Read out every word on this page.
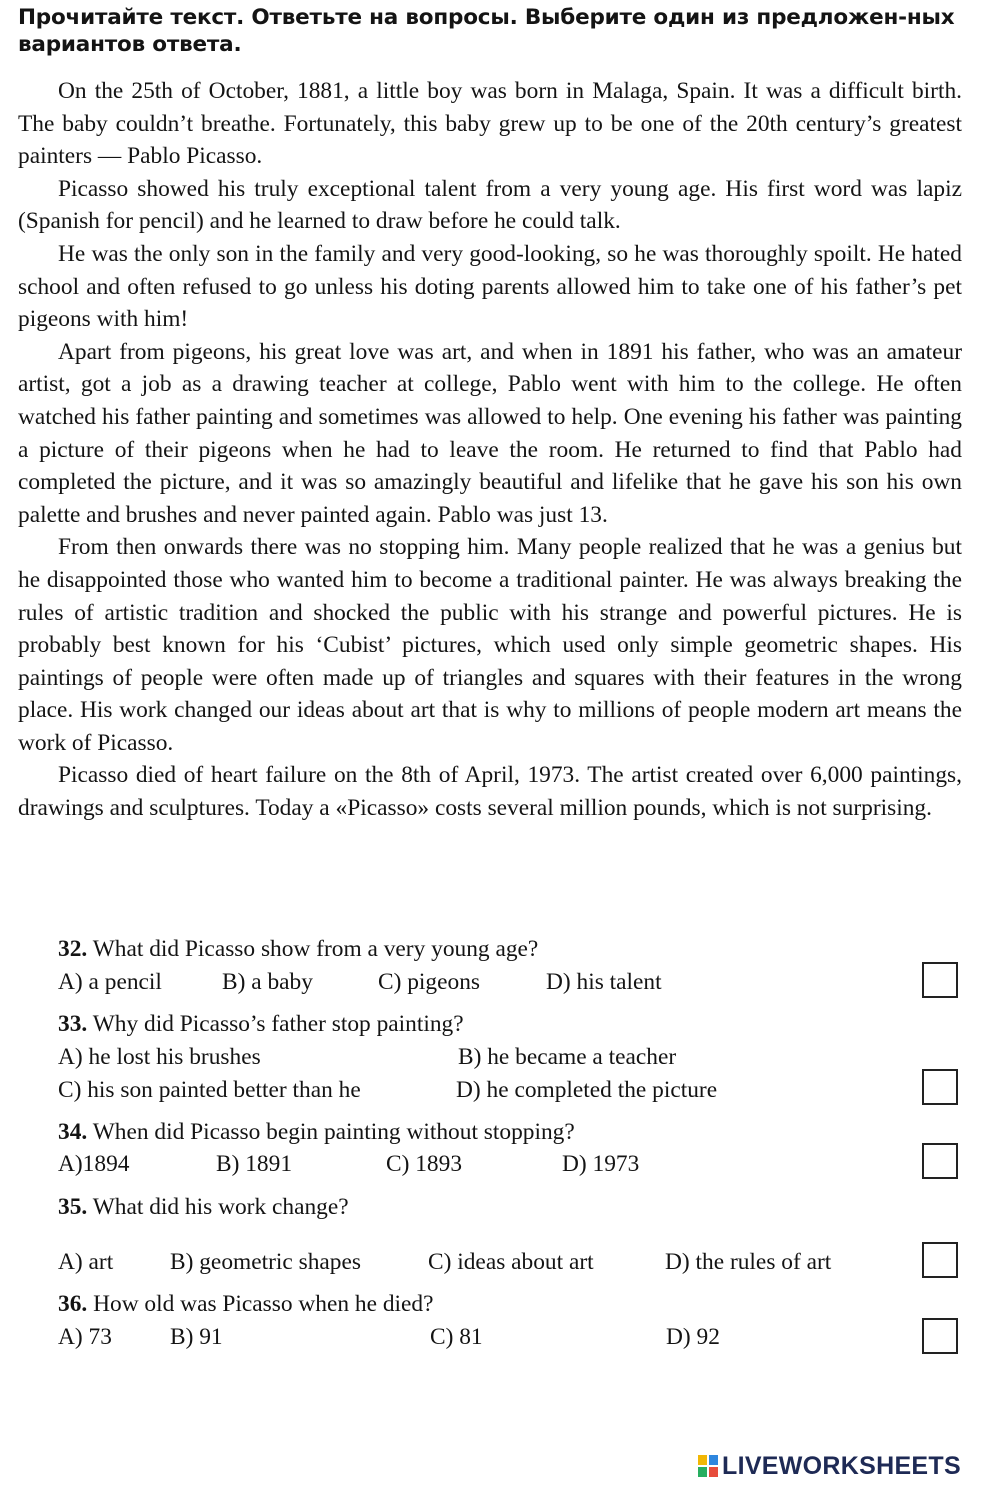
Прочитайте текст. Ответьте на вопросы. Выберите один из предложен-ных вариантов ответа.

On the 25th of October, 1881, a little boy was born in Malaga, Spain. It was a difficult birth. The baby couldn’t breathe. Fortunately, this baby grew up to be one of the 20th century’s greatest painters — Pablo Picasso.

Picasso showed his truly exceptional talent from a very young age. His first word was lapiz (Spanish for pencil) and he learned to draw before he could talk.

He was the only son in the family and very good-looking, so he was thoroughly spoilt. He hated school and often refused to go unless his doting parents allowed him to take one of his father’s pet pigeons with him!

Apart from pigeons, his great love was art, and when in 1891 his father, who was an amateur artist, got a job as a drawing teacher at college, Pablo went with him to the college. He often watched his father painting and sometimes was allowed to help. One evening his father was painting a picture of their pigeons when he had to leave the room. He returned to find that Pablo had completed the picture, and it was so amazingly beautiful and lifelike that he gave his son his own palette and brushes and never painted again. Pablo was just 13.

From then onwards there was no stopping him. Many people realized that he was a genius but he disappointed those who wanted him to become a traditional painter. He was always breaking the rules of artistic tradition and shocked the public with his strange and powerful pictures. He is probably best known for his ‘Cubist’ pictures, which used only simple geometric shapes. His paintings of people were often made up of triangles and squares with their features in the wrong place. His work changed our ideas about art that is why to millions of people modern art means the work of Picasso.

Picasso died of heart failure on the 8th of April, 1973. The artist created over 6,000 paintings, drawings and sculptures. Today a «Picasso» costs several million pounds, which is not surprising.

32. What did Picasso show from a very young age?
A) a pencil	B) a baby	C) pigeons	D) his talent
33. Why did Picasso’s father stop painting?
A) he lost his brushes	B) he became a teacher
C) his son painted better than he	D) he completed the picture
34. When did Picasso begin painting without stopping?
A)1894	B) 1891	C) 1893	D) 1973
35. What did his work change?
A) art B) geometric shapes	C) ideas about art	D) the rules of art
36. How old was Picasso when he died?
A) 73 B) 91	C) 81	D) 92
LIVEWORKSHEETS
